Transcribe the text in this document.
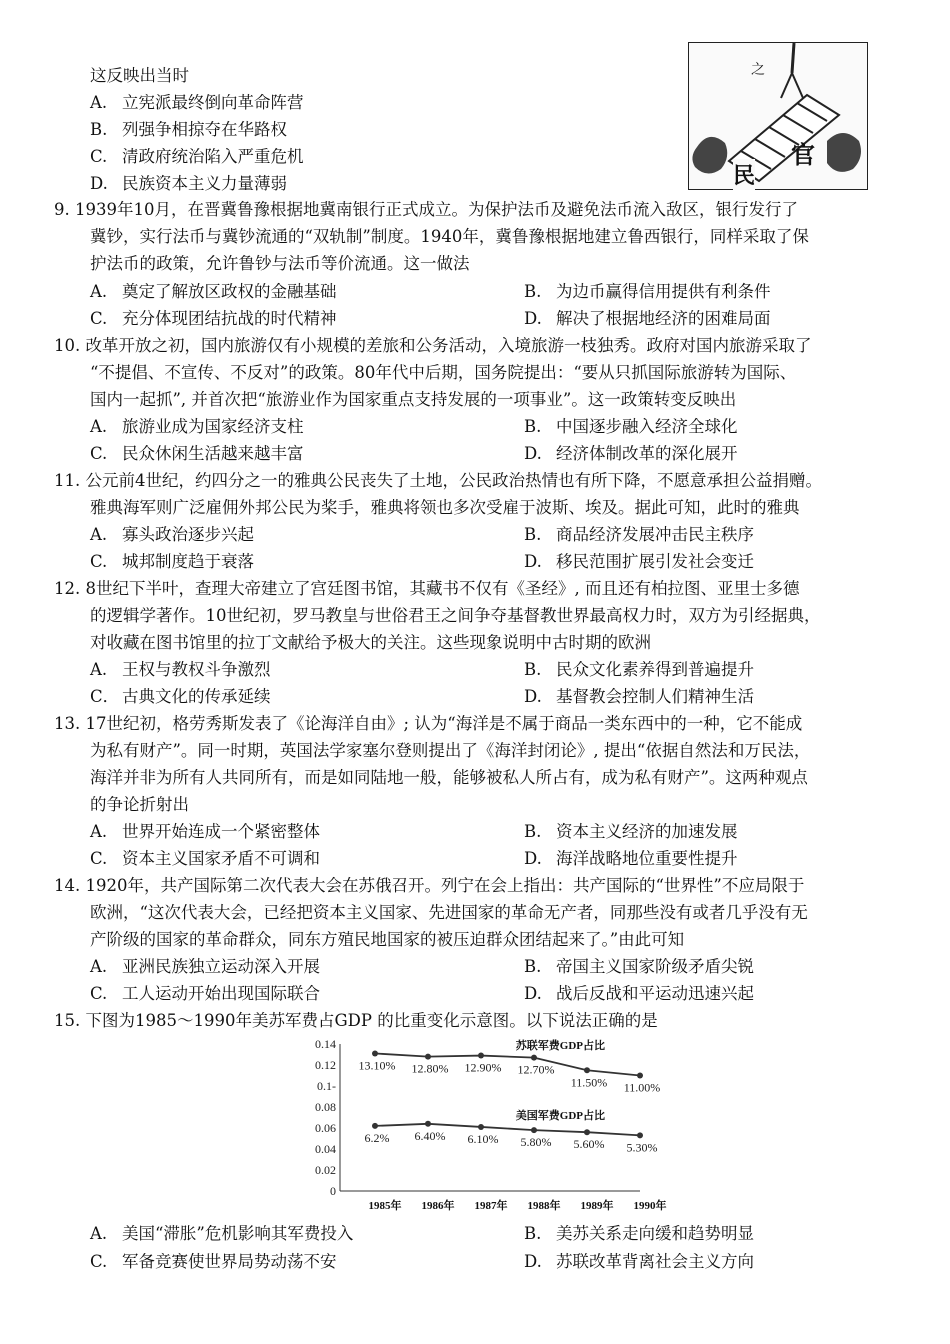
这反映出当时
A. 立宪派最终倒向革命阵营
B. 列强争相掠夺在华路权
C. 清政府统治陷入严重危机
D. 民族资本主义力量薄弱
之
民
官
9. 1939年10月，在晋冀鲁豫根据地冀南银行正式成立。为保护法币及避免法币流入敌区，银行发行了
冀钞，实行法币与冀钞流通的“双轨制”制度。1940年，冀鲁豫根据地建立鲁西银行，同样采取了保
护法币的政策，允许鲁钞与法币等价流通。这一做法
A. 奠定了解放区政权的金融基础	B. 为边币赢得信用提供有利条件
C. 充分体现团结抗战的时代精神	D. 解决了根据地经济的困难局面
10. 改革开放之初，国内旅游仅有小规模的差旅和公务活动，入境旅游一枝独秀。政府对国内旅游采取了
“不提倡、不宣传、不反对”的政策。80年代中后期，国务院提出：“要从只抓国际旅游转为国际、
国内一起抓”, 并首次把“旅游业作为国家重点支持发展的一项事业”。这一政策转变反映出
A. 旅游业成为国家经济支柱	B. 中国逐步融入经济全球化
C. 民众休闲生活越来越丰富	D. 经济体制改革的深化展开
11. 公元前4世纪，约四分之一的雅典公民丧失了土地，公民政治热情也有所下降，不愿意承担公益捐赠。
雅典海军则广泛雇佣外邦公民为桨手，雅典将领也多次受雇于波斯、埃及。据此可知，此时的雅典
A. 寡头政治逐步兴起	B. 商品经济发展冲击民主秩序
C. 城邦制度趋于衰落	D. 移民范围扩展引发社会变迁
12. 8世纪下半叶，查理大帝建立了宫廷图书馆，其藏书不仅有《圣经》, 而且还有柏拉图、亚里士多德
的逻辑学著作。10世纪初，罗马教皇与世俗君王之间争夺基督教世界最高权力时，双方为引经据典，
对收藏在图书馆里的拉丁文献给予极大的关注。这些现象说明中古时期的欧洲
A. 王权与教权斗争激烈	B. 民众文化素养得到普遍提升
C． 古典文化的传承延续	D. 基督教会控制人们精神生活
13. 17世纪初，格劳秀斯发表了《论海洋自由》; 认为“海洋是不属于商品一类东西中的一种，它不能成
为私有财产”。同一时期，英国法学家塞尔登则提出了《海洋封闭论》, 提出“依据自然法和万民法，
海洋并非为所有人共同所有，而是如同陆地一般，能够被私人所占有，成为私有财产”。这两种观点
的争论折射出
A. 世界开始连成一个紧密整体	B. 资本主义经济的加速发展
C. 资本主义国家矛盾不可调和	D. 海洋战略地位重要性提升
14. 1920年，共产国际第二次代表大会在苏俄召开。列宁在会上指出：共产国际的“世界性”不应局限于
欧洲，“这次代表大会，已经把资本主义国家、先进国家的革命无产者，同那些没有或者几乎没有无
产阶级的国家的革命群众，同东方殖民地国家的被压迫群众团结起来了。”由此可知
A. 亚洲民族独立运动深入开展	B. 帝国主义国家阶级矛盾尖锐
C. 工人运动开始出现国际联合	D. 战后反战和平运动迅速兴起
15. 下图为1985～1990年美苏军费占GDP 的比重变化示意图。以下说法正确的是
A. 美国“滞胀”危机影响其军费投入	B. 美苏关系走向缓和趋势明显
C. 军备竞赛使世界局势动荡不安	D. 苏联改革背离社会主义方向
0
0.02
0.04
0.06
0.08
0.1-
0.12
0.14
1985年 1986年 1987年 1988年 1989年 1990年
13.10% 12.80% 12.90% 12.70%
11.50% 11.00%
苏联军费GDP占比
6.2% 6.40% 6.10% 5.80% 5.60% 5.30%
美国军费GDP占比
